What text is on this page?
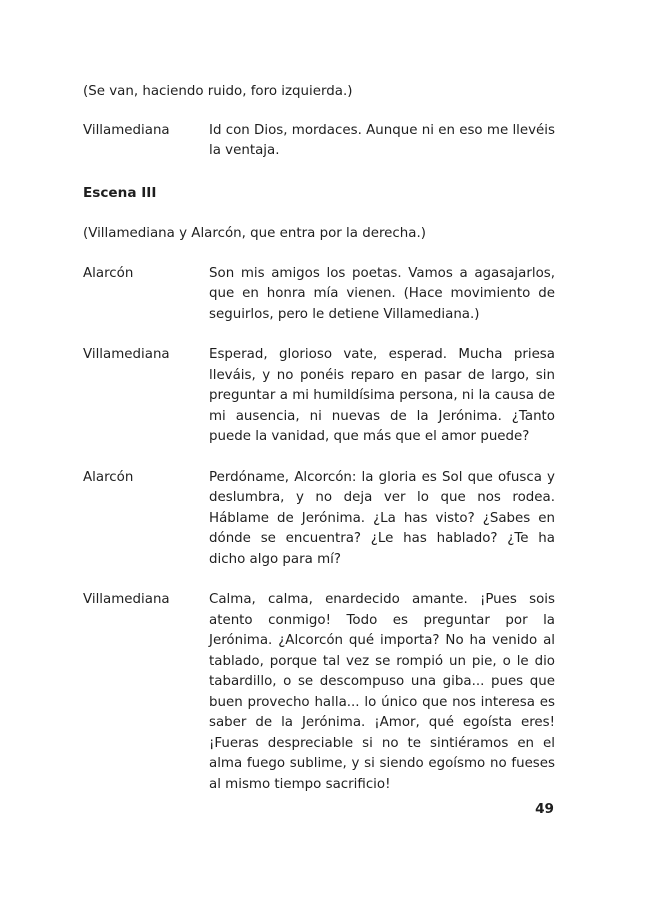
(Se van, haciendo ruido, foro izquierda.)

Villamediana	Id con Dios, mordaces. Aunque ni en eso me llevéis la ventaja.
Escena III

(Villamediana y Alarcón, que entra por la derecha.)

Alarcón	Son mis amigos los poetas. Vamos a agasajarlos, que en honra mía vienen. (Hace movimiento de seguirlos, pero le detiene Villamediana.)
Villamediana	Esperad, glorioso vate, esperad. Mucha priesa lleváis, y no ponéis reparo en pasar de largo, sin preguntar a mi humildísima persona, ni la causa de mi ausencia, ni nuevas de la Jerónima. ¿Tanto puede la vanidad, que más que el amor puede?
Alarcón	Perdóname, Alcorcón: la gloria es Sol que ofusca y deslumbra, y no deja ver lo que nos rodea. Háblame de Jerónima. ¿La has visto? ¿Sabes en dónde se encuentra? ¿Le has hablado? ¿Te ha dicho algo para mí?
Villamediana	Calma, calma, enardecido amante. ¡Pues sois atento conmigo! Todo es preguntar por la Jerónima. ¿Alcorcón qué importa? No ha venido al tablado, porque tal vez se rompió un pie, o le dio tabardillo, o se descompuso una giba... pues que buen provecho halla... lo único que nos interesa es saber de la Jerónima. ¡Amor, qué egoísta eres! ¡Fueras despreciable si no te sintiéramos en el alma fuego sublime, y si siendo egoísmo no fueses al mismo tiempo sacrificio!
49
